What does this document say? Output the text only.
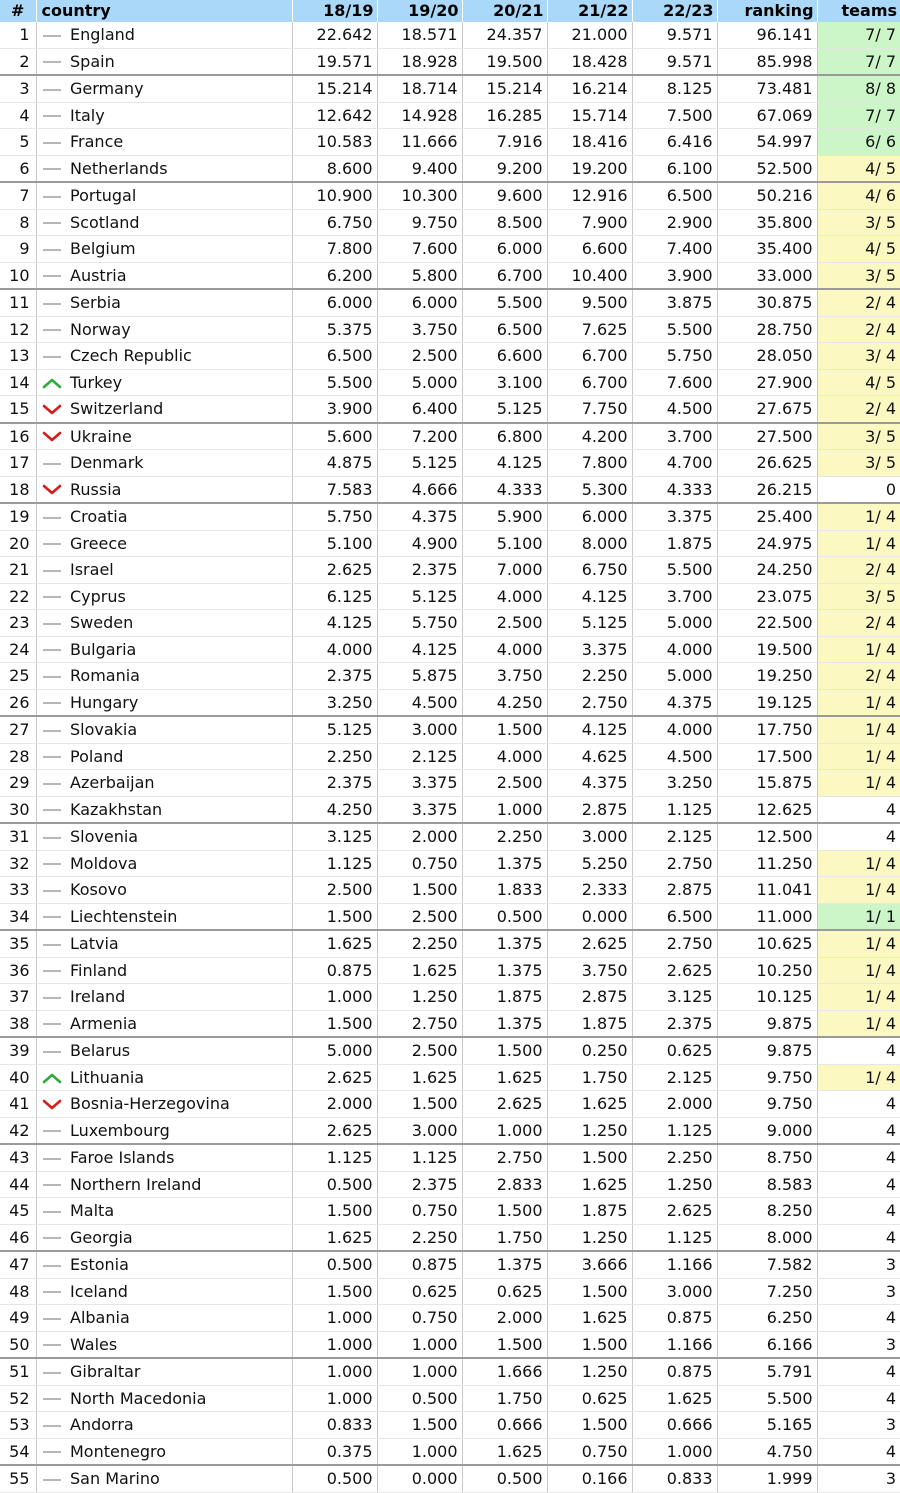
#	country		18/19	19/20	20/21	21/22	22/23	ranking	teams
1		England	22.642	18.571	24.357	21.000	9.571	96.141	7/ 7
2		Spain	19.571	18.928	19.500	18.428	9.571	85.998	7/ 7
3		Germany	15.214	18.714	15.214	16.214	8.125	73.481	8/ 8
4		Italy	12.642	14.928	16.285	15.714	7.500	67.069	7/ 7
5		France	10.583	11.666	7.916	18.416	6.416	54.997	6/ 6
6		Netherlands	8.600	9.400	9.200	19.200	6.100	52.500	4/ 5
7		Portugal	10.900	10.300	9.600	12.916	6.500	50.216	4/ 6
8		Scotland	6.750	9.750	8.500	7.900	2.900	35.800	3/ 5
9		Belgium	7.800	7.600	6.000	6.600	7.400	35.400	4/ 5
10		Austria	6.200	5.800	6.700	10.400	3.900	33.000	3/ 5
11		Serbia	6.000	6.000	5.500	9.500	3.875	30.875	2/ 4
12		Norway	5.375	3.750	6.500	7.625	5.500	28.750	2/ 4
13		Czech Republic	6.500	2.500	6.600	6.700	5.750	28.050	3/ 4
14		Turkey	5.500	5.000	3.100	6.700	7.600	27.900	4/ 5
15		Switzerland	3.900	6.400	5.125	7.750	4.500	27.675	2/ 4
16		Ukraine	5.600	7.200	6.800	4.200	3.700	27.500	3/ 5
17		Denmark	4.875	5.125	4.125	7.800	4.700	26.625	3/ 5
18		Russia	7.583	4.666	4.333	5.300	4.333	26.215	0
19		Croatia	5.750	4.375	5.900	6.000	3.375	25.400	1/ 4
20		Greece	5.100	4.900	5.100	8.000	1.875	24.975	1/ 4
21		Israel	2.625	2.375	7.000	6.750	5.500	24.250	2/ 4
22		Cyprus	6.125	5.125	4.000	4.125	3.700	23.075	3/ 5
23		Sweden	4.125	5.750	2.500	5.125	5.000	22.500	2/ 4
24		Bulgaria	4.000	4.125	4.000	3.375	4.000	19.500	1/ 4
25		Romania	2.375	5.875	3.750	2.250	5.000	19.250	2/ 4
26		Hungary	3.250	4.500	4.250	2.750	4.375	19.125	1/ 4
27		Slovakia	5.125	3.000	1.500	4.125	4.000	17.750	1/ 4
28		Poland	2.250	2.125	4.000	4.625	4.500	17.500	1/ 4
29		Azerbaijan	2.375	3.375	2.500	4.375	3.250	15.875	1/ 4
30		Kazakhstan	4.250	3.375	1.000	2.875	1.125	12.625	4
31		Slovenia	3.125	2.000	2.250	3.000	2.125	12.500	4
32		Moldova	1.125	0.750	1.375	5.250	2.750	11.250	1/ 4
33		Kosovo	2.500	1.500	1.833	2.333	2.875	11.041	1/ 4
34		Liechtenstein	1.500	2.500	0.500	0.000	6.500	11.000	1/ 1
35		Latvia	1.625	2.250	1.375	2.625	2.750	10.625	1/ 4
36		Finland	0.875	1.625	1.375	3.750	2.625	10.250	1/ 4
37		Ireland	1.000	1.250	1.875	2.875	3.125	10.125	1/ 4
38		Armenia	1.500	2.750	1.375	1.875	2.375	9.875	1/ 4
39		Belarus	5.000	2.500	1.500	0.250	0.625	9.875	4
40		Lithuania	2.625	1.625	1.625	1.750	2.125	9.750	1/ 4
41		Bosnia-Herzegovina	2.000	1.500	2.625	1.625	2.000	9.750	4
42		Luxembourg	2.625	3.000	1.000	1.250	1.125	9.000	4
43		Faroe Islands	1.125	1.125	2.750	1.500	2.250	8.750	4
44		Northern Ireland	0.500	2.375	2.833	1.625	1.250	8.583	4
45		Malta	1.500	0.750	1.500	1.875	2.625	8.250	4
46		Georgia	1.625	2.250	1.750	1.250	1.125	8.000	4
47		Estonia	0.500	0.875	1.375	3.666	1.166	7.582	3
48		Iceland	1.500	0.625	0.625	1.500	3.000	7.250	3
49		Albania	1.000	0.750	2.000	1.625	0.875	6.250	4
50		Wales	1.000	1.000	1.500	1.500	1.166	6.166	3
51		Gibraltar	1.000	1.000	1.666	1.250	0.875	5.791	4
52		North Macedonia	1.000	0.500	1.750	0.625	1.625	5.500	4
53		Andorra	0.833	1.500	0.666	1.500	0.666	5.165	3
54		Montenegro	0.375	1.000	1.625	0.750	1.000	4.750	4
55		San Marino	0.500	0.000	0.500	0.166	0.833	1.999	3
